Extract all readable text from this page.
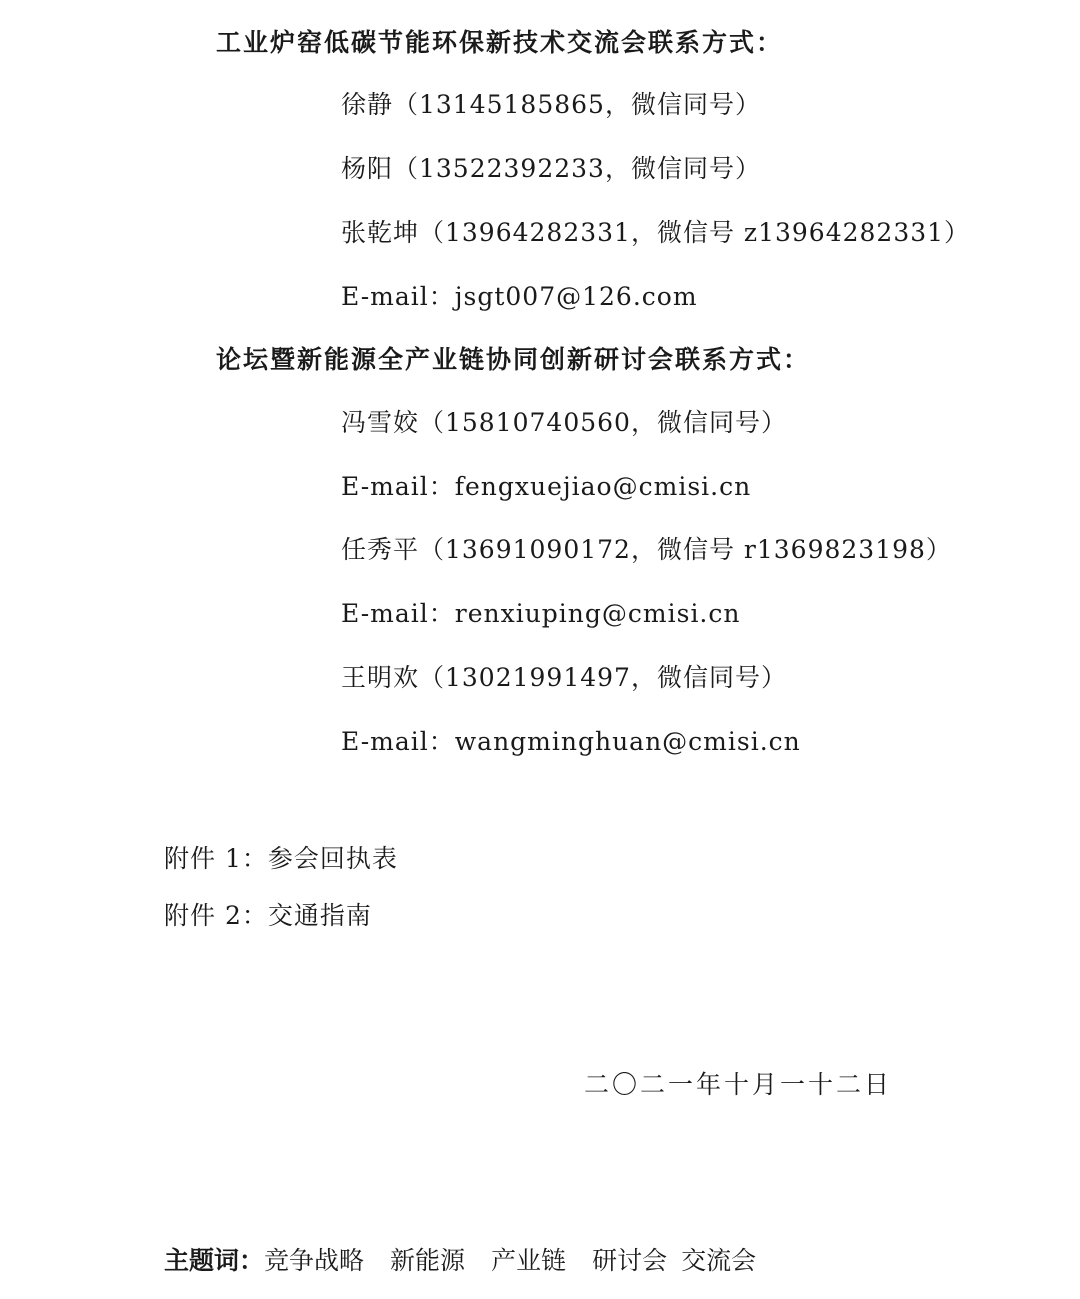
工业炉窑低碳节能环保新技术交流会联系方式：
徐静（13145185865，微信同号）
杨阳（13522392233，微信同号）
张乾坤（13964282331，微信号 z13964282331）
E-mail：jsgt007@126.com
论坛暨新能源全产业链协同创新研讨会联系方式：
冯雪姣（15810740560，微信同号）
E-mail：fengxuejiao@cmisi.cn
任秀平（13691090172，微信号 r1369823198）
E-mail：renxiuping@cmisi.cn
王明欢（13021991497，微信同号）
E-mail：wangminghuan@cmisi.cn
附件 1：参会回执表
附件 2：交通指南
二〇二一年十月一十二日
主题词：竞争战略 新能源 产业链 研讨会 交流会
